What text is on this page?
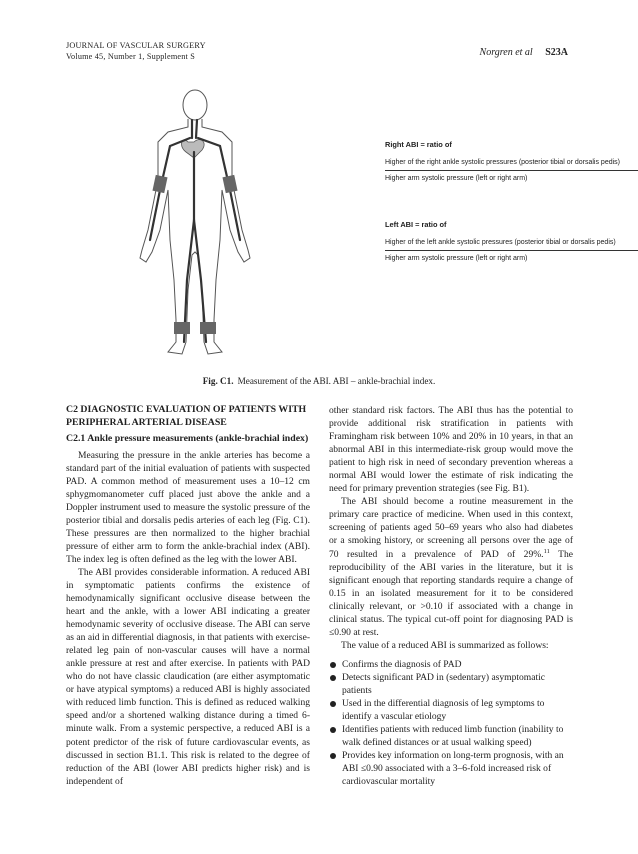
JOURNAL OF VASCULAR SURGERY
Volume 45, Number 1, Supplement S	Norgren et al S23A
Right ABI = ratio of
Higher of the right ankle systolic pressures (posterior tibial or dorsalis pedis)
Higher arm systolic pressure (left or right arm)
Left ABI = ratio of
Higher of the left ankle systolic pressures (posterior tibial or dorsalis pedis)
Higher arm systolic pressure (left or right arm)
Fig. C1. Measurement of the ABI. ABI – ankle-brachial index.
C2 DIAGNOSTIC EVALUATION OF PATIENTS WITH PERIPHERAL ARTERIAL DISEASE
C2.1 Ankle pressure measurements (ankle-brachial index)

Measuring the pressure in the ankle arteries has become a standard part of the initial evaluation of patients with suspected PAD. A common method of measurement uses a 10–12 cm sphygmomanometer cuff placed just above the ankle and a Doppler instrument used to measure the systolic pressure of the posterior tibial and dorsalis pedis arteries of each leg (Fig. C1). These pressures are then normalized to the higher brachial pressure of either arm to form the ankle-brachial index (ABI). The index leg is often defined as the leg with the lower ABI.

The ABI provides considerable information. A reduced ABI in symptomatic patients confirms the existence of hemodynamically significant occlusive disease between the heart and the ankle, with a lower ABI indicating a greater hemodynamic severity of occlusive disease. The ABI can serve as an aid in differential diagnosis, in that patients with exercise-related leg pain of non-vascular causes will have a normal ankle pressure at rest and after exercise. In patients with PAD who do not have classic claudication (are either asymptomatic or have atypical symptoms) a reduced ABI is highly associated with reduced limb function. This is defined as reduced walking speed and/or a shortened walking distance during a timed 6-minute walk. From a systemic perspective, a reduced ABI is a potent predictor of the risk of future cardiovascular events, as discussed in section B1.1. This risk is related to the degree of reduction of the ABI (lower ABI predicts higher risk) and is independent of

other standard risk factors. The ABI thus has the potential to provide additional risk stratification in patients with Framingham risk between 10% and 20% in 10 years, in that an abnormal ABI in this intermediate-risk group would move the patient to high risk in need of secondary prevention whereas a normal ABI would lower the estimate of risk indicating the need for primary prevention strategies (see Fig. B1).

The ABI should become a routine measurement in the primary care practice of medicine. When used in this context, screening of patients aged 50–69 years who also had diabetes or a smoking history, or screening all persons over the age of 70 resulted in a prevalence of PAD of 29%.$^{11}$ The reproducibility of the ABI varies in the literature, but it is significant enough that reporting standards require a change of 0.15 in an isolated measurement for it to be considered clinically relevant, or >0.10 if associated with a change in clinical status. The typical cut-off point for diagnosing PAD is ≤0.90 at rest.

The value of a reduced ABI is summarized as follows:

Confirms the diagnosis of PAD
Detects significant PAD in (sedentary) asymptomatic patients
Used in the differential diagnosis of leg symptoms to identify a vascular etiology
Identifies patients with reduced limb function (inability to walk defined distances or at usual walking speed)
Provides key information on long-term prognosis, with an ABI ≤0.90 associated with a 3–6-fold increased risk of cardiovascular mortality
